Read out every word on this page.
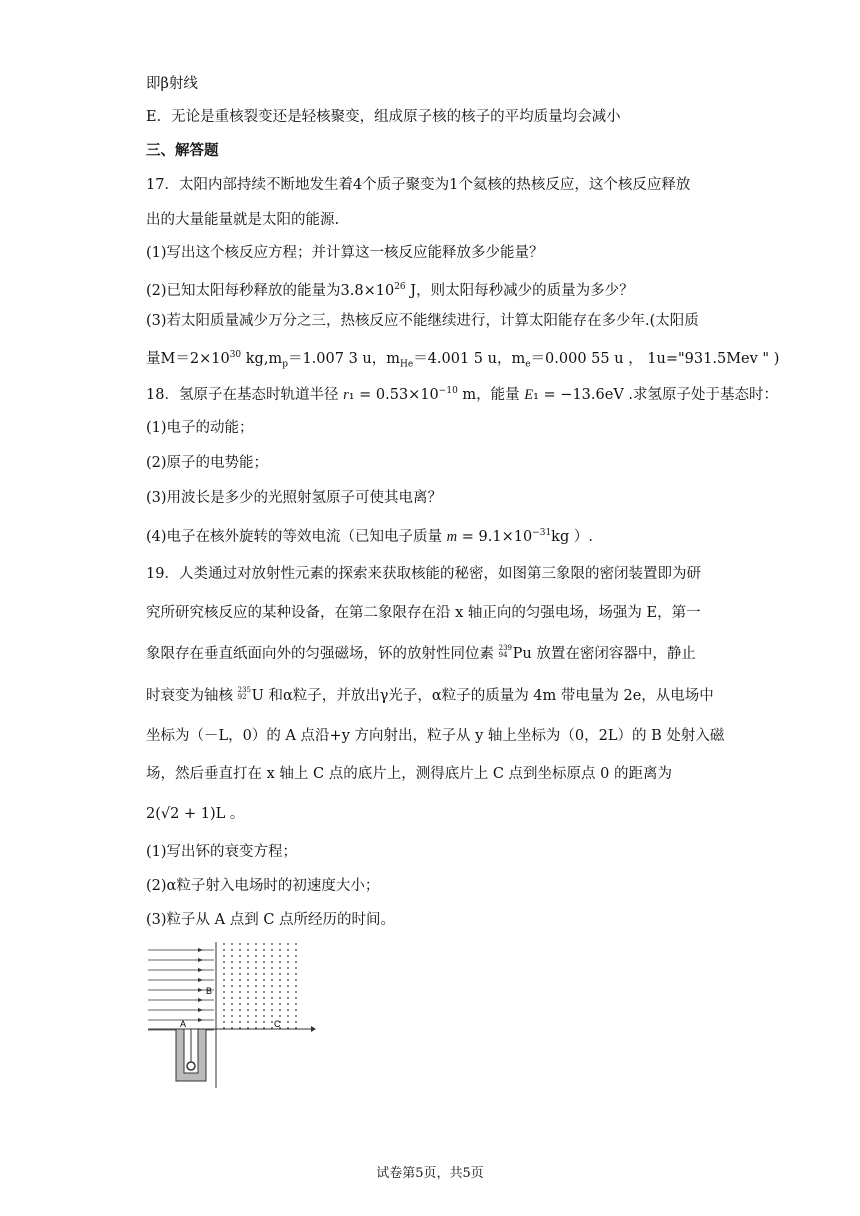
即β射线
E．无论是重核裂变还是轻核聚变，组成原子核的核子的平均质量均会减小
三、解答题
17．太阳内部持续不断地发生着4个质子聚变为1个氦核的热核反应，这个核反应释放
出的大量能量就是太阳的能源.
(1)写出这个核反应方程；并计算这一核反应能释放多少能量？
(2)已知太阳每秒释放的能量为$3.8\times 10^{26}$ J，则太阳每秒减少的质量为多少？
(3)若太阳质量减少万分之三，热核反应不能继续进行，计算太阳能存在多少年.(太阳质
量$M=2\times 10^{30}$ $kg,m_p=1.007$ 3 u，$m_{He}=4.001$ 5 u，$m_e=0.000$ 55 u ， 1u="931.5Mev " )
18．氢原子在基态时轨道半径 $r_1 = 0.53\times 10^{-10}$ m，能量 E₁ = −13.6eV .求氢原子处于基态时：
(1)电子的动能；
(2)原子的电势能；
(3)用波长是多少的光照射氢原子可使其电离？
(4)电子在核外旋转的等效电流（已知电子质量 $m = 9.1\times 10^{-31}kg$ ）.
19．人类通过对放射性元素的探索来获取核能的秘密，如图第三象限的密闭装置即为研
究所研究核反应的某种设备，在第二象限存在沿 x 轴正向的匀强电场，场强为 E，第一
象限存在垂直纸面向外的匀强磁场，钚的放射性同位素 239
94 Pu 放置在密闭容器中，静止
时衰变为铀核 235
92 U 和α粒子，并放出γ光子，α粒子的质量为 4m 带电量为 2e，从电场中
坐标为（－L，0）的 A 点沿+y 方向射出，粒子从 y 轴上坐标为（0，2L）的 B 处射入磁
场，然后垂直打在 x 轴上 C 点的底片上，测得底片上 C 点到坐标原点 0 的距离为
2(√2 + 1)L 。
(1)写出钚的衰变方程；
(2)α粒子射入电场时的初速度大小；
(3)粒子从 A 点到 C 点所经历的时间。
A
B
C
试卷第5页，共5页
